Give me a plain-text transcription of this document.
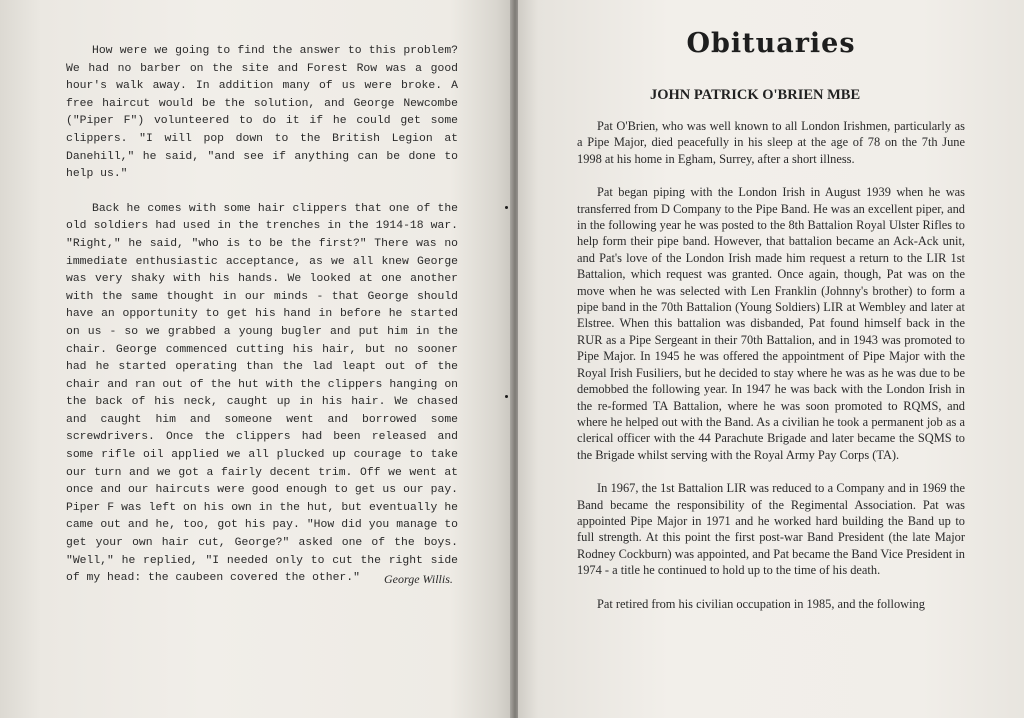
How were we going to find the answer to this problem? We had no barber on the site and Forest Row was a good hour's walk away. In addition many of us were broke. A free haircut would be the solution, and George Newcombe ("Piper F") volunteered to do it if he could get some clippers. "I will pop down to the British Legion at Danehill," he said, "and see if anything can be done to help us."

Back he comes with some hair clippers that one of the old soldiers had used in the trenches in the 1914-18 war. "Right," he said, "who is to be the first?" There was no immediate enthusiastic acceptance, as we all knew George was very shaky with his hands. We looked at one another with the same thought in our minds - that George should have an opportunity to get his hand in before he started on us - so we grabbed a young bugler and put him in the chair. George commenced cutting his hair, but no sooner had he started operating than the lad leapt out of the chair and ran out of the hut with the clippers hanging on the back of his neck, caught up in his hair. We chased and caught him and someone went and borrowed some screwdrivers. Once the clippers had been released and some rifle oil applied we all plucked up courage to take our turn and we got a fairly decent trim. Off we went at once and our haircuts were good enough to get us our pay. Piper F was left on his own in the hut, but eventually he came out and he, too, got his pay. "How did you manage to get your own hair cut, George?" asked one of the boys. "Well," he replied, "I needed only to cut the right side of my head: the caubeen covered the other."	George Willis.
Obituaries
JOHN PATRICK O'BRIEN MBE

Pat O'Brien, who was well known to all London Irishmen, particularly as a Pipe Major, died peacefully in his sleep at the age of 78 on the 7th June 1998 at his home in Egham, Surrey, after a short illness.

Pat began piping with the London Irish in August 1939 when he was transferred from D Company to the Pipe Band. He was an excellent piper, and in the following year he was posted to the 8th Battalion Royal Ulster Rifles to help form their pipe band. However, that battalion became an Ack-Ack unit, and Pat's love of the London Irish made him request a return to the LIR 1st Battalion, which request was granted. Once again, though, Pat was on the move when he was selected with Len Franklin (Johnny's brother) to form a pipe band in the 70th Battalion (Young Soldiers) LIR at Wembley and later at Elstree. When this battalion was disbanded, Pat found himself back in the RUR as a Pipe Sergeant in their 70th Battalion, and in 1943 was promoted to Pipe Major. In 1945 he was offered the appointment of Pipe Major with the Royal Irish Fusiliers, but he decided to stay where he was as he was due to be demobbed the following year. In 1947 he was back with the London Irish in the re-formed TA Battalion, where he was soon promoted to RQMS, and where he helped out with the Band. As a civilian he took a permanent job as a clerical officer with the 44 Parachute Brigade and later became the SQMS to the Brigade whilst serving with the Royal Army Pay Corps (TA).

In 1967, the 1st Battalion LIR was reduced to a Company and in 1969 the Band became the responsibility of the Regimental Association. Pat was appointed Pipe Major in 1971 and he worked hard building the Band up to full strength. At this point the first post-war Band President (the late Major Rodney Cockburn) was appointed, and Pat became the Band Vice President in 1974 - a title he continued to hold up to the time of his death.

Pat retired from his civilian occupation in 1985, and the following
